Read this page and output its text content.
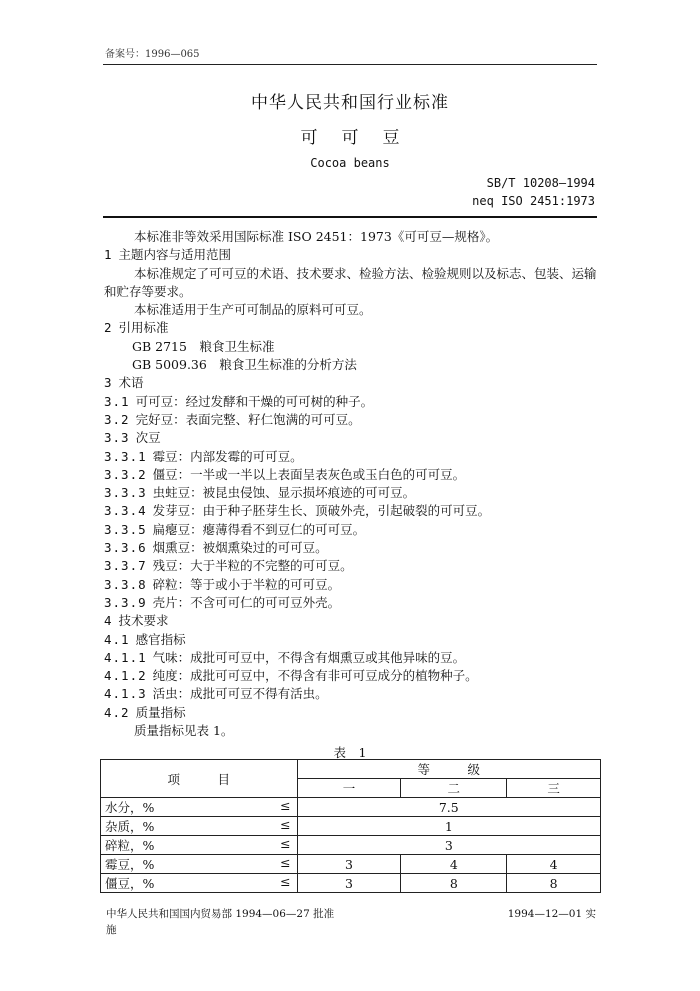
备案号：1996—065
中华人民共和国行业标准
可 可 豆
Cocoa beans
SB/T 10208—1994
neq ISO 2451:1973
本标准非等效采用国际标准 ISO 2451：1973《可可豆—规格》。
1 主题内容与适用范围
本标准规定了可可豆的术语、技术要求、检验方法、检验规则以及标志、包装、运输和贮存等要求。
本标准适用于生产可可制品的原料可可豆。
2 引用标准
GB 2715　粮食卫生标准
GB 5009.36　粮食卫生标准的分析方法
3 术语
3.1 可可豆：经过发酵和干燥的可可树的种子。
3.2 完好豆：表面完整、籽仁饱满的可可豆。
3.3 次豆
3.3.1 霉豆：内部发霉的可可豆。
3.3.2 僵豆：一半或一半以上表面呈表灰色或玉白色的可可豆。
3.3.3 虫蛀豆：被昆虫侵蚀、显示损坏痕迹的可可豆。
3.3.4 发芽豆：由于种子胚芽生长、顶破外壳，引起破裂的可可豆。
3.3.5 扁瘪豆：瘪薄得看不到豆仁的可可豆。
3.3.6 烟熏豆：被烟熏染过的可可豆。
3.3.7 残豆：大于半粒的不完整的可可豆。
3.3.8 碎粒：等于或小于半粒的可可豆。
3.3.9 壳片：不含可可仁的可可豆外壳。
4 技术要求
4.1 感官指标
4.1.1 气味：成批可可豆中，不得含有烟熏豆或其他异味的豆。
4.1.2 纯度：成批可可豆中，不得含有非可可豆成分的植物种子。
4.1.3 活虫：成批可可豆不得有活虫。
4.2 质量指标
质量指标见表 1。
表　1
项　　　目	等　　　级		
	一	二	三
水分，% ≤	7.5		
杂质，% ≤	1		
碎粒，% ≤	3		
霉豆，% ≤	3	4	4
僵豆，% ≤	3	8	8
中华人民共和国国内贸易部 1994—06—27 批准
施
1994—12—01 实
